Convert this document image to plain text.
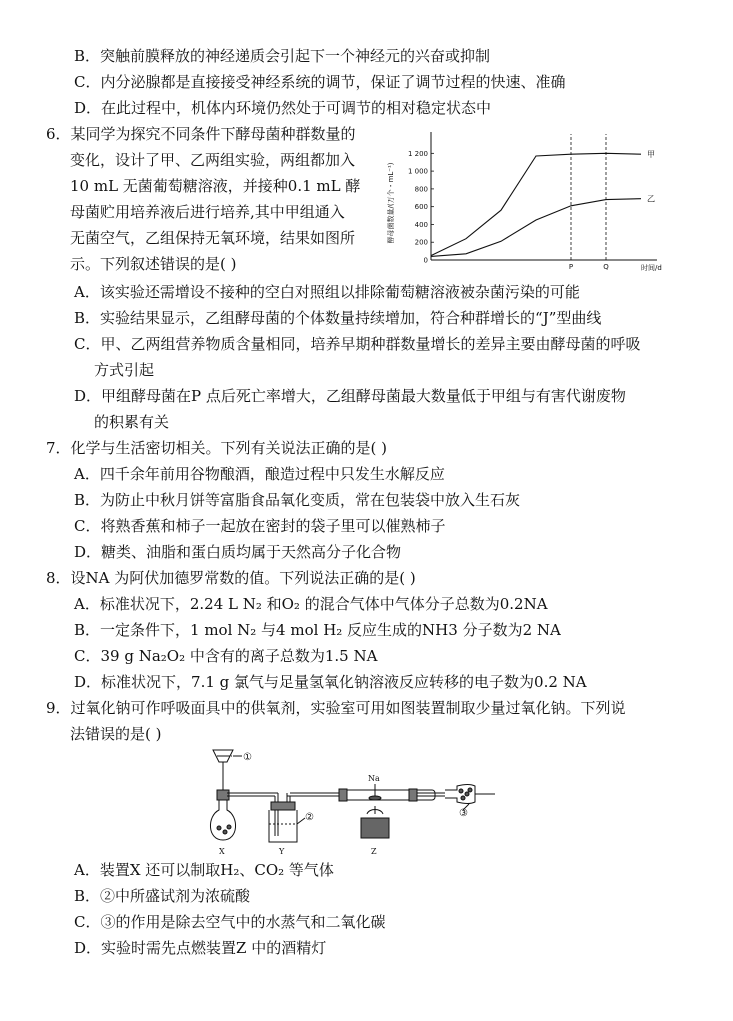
B．突触前膜释放的神经递质会引起下一个神经元的兴奋或抑制
C．内分泌腺都是直接接受神经系统的调节，保证了调节过程的快速、准确
D．在此过程中，机体内环境仍然处于可调节的相对稳定状态中
6．某同学为探究不同条件下酵母菌种群数量的
变化，设计了甲、乙两组实验，两组都加入
10 mL 无菌葡萄糖溶液，并接种0.1 mL 酵
母菌贮用培养液后进行培养,其中甲组通入
无菌空气，乙组保持无氧环境，结果如图所
示。下列叙述错误的是( )	0
200
400
600
800
1 000
1 200
P	Q
甲
乙
酵母菌数量/(万个・mL⁻¹)
时间/d
A．该实验还需增设不接种的空白对照组以排除葡萄糖溶液被杂菌污染的可能
B．实验结果显示，乙组酵母菌的个体数量持续增加，符合种群增长的“J”型曲线
C．甲、乙两组营养物质含量相同，培养早期种群数量增长的差异主要由酵母菌的呼吸
方式引起
D．甲组酵母菌在P 点后死亡率增大，乙组酵母菌最大数量低于甲组与有害代谢废物
的积累有关
7．化学与生活密切相关。下列有关说法正确的是( )
A．四千余年前用谷物酿酒，酿造过程中只发生水解反应
B．为防止中秋月饼等富脂食品氧化变质，常在包装袋中放入生石灰
C．将熟香蕉和柿子一起放在密封的袋子里可以催熟柿子
D．糖类、油脂和蛋白质均属于天然高分子化合物
8．设NA 为阿伏加德罗常数的值。下列说法正确的是( )
A．标准状况下，2.24 L N₂ 和O₂ 的混合气体中气体分子总数为0.2NA
B．一定条件下，1 mol N₂ 与4 mol H₂ 反应生成的NH3 分子数为2 NA
C．39 g Na₂O₂ 中含有的离子总数为1.5 NA
D．标准状况下，7.1 g 氯气与足量氢氧化钠溶液反应转移的电子数为0.2 NA
9．过氧化钠可作呼吸面具中的供氧剂，实验室可用如图装置制取少量过氧化钠。下列说
法错误的是( )
①
②	③
Na
X	Y	Z
A．装置X 还可以制取H₂、CO₂ 等气体
B．②中所盛试剂为浓硫酸
C．③的作用是除去空气中的水蒸气和二氧化碳
D．实验时需先点燃装置Z 中的酒精灯
